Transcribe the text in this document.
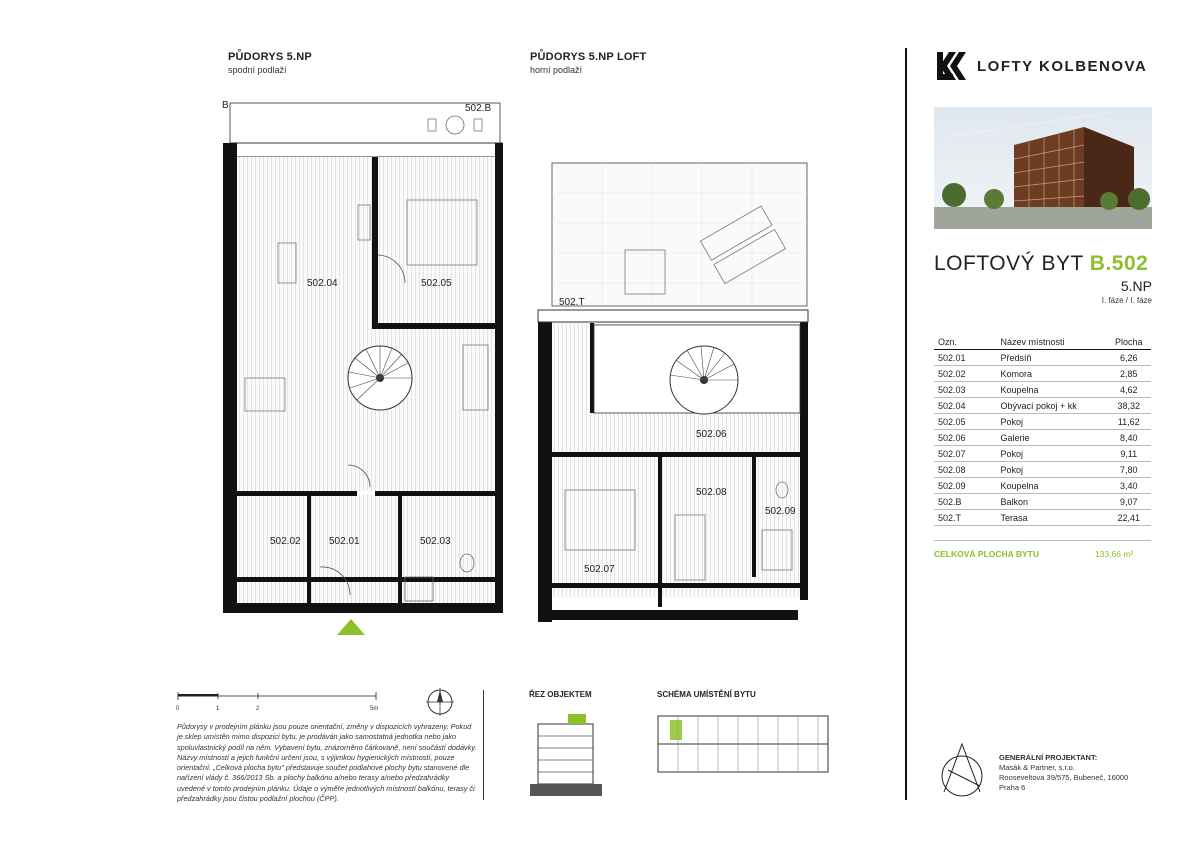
PŮDORYS 5.NP
spodní podlaží
B	502.B
502.04	502.05
502.02	502.01	502.03
PŮDORYS 5.NP LOFT
horní podlaží
502.T
502.06
502.08
502.09
502.07
0	1	2	5m
Půdorysy v prodejním plánku jsou pouze orientační, změny v dispozicích vyhrazeny. Pokud je sklep umístěn mimo dispozici bytu, je prodáván jako samostatná jednotka nebo jako spoluvlastnický podíl na něm. Vybavení bytu, znázorněno čárkovaně, není součástí dodávky. Názvy místností a jejich funkční určení jsou, s výjimkou hygienických místností, pouze orientační. „Celková plocha bytu" představuje součet podlahové plochy bytu stanovené dle nařízení vlády č. 366/2013 Sb. a plochy balkónu a/nebo terasy a/nebo předzahrádky uvedené v tomto prodejním plánku. Údaje o výměře jednotlivých místností balkónu, terasy či předzahrádky jsou čistou podlažní plochou (ČPP).
ŘEZ OBJEKTEM	SCHÉMA UMÍSTĚNÍ BYTU
LOFTY KOLBENOVA
LOFTOVÝ BYT B.502
5.NP
I. fáze / I. fáze
Ozn.	Název místnosti	Plocha
502.01	Předsíň	6,26
502.02	Komora	2,85
502.03	Koupelna	4,62
502.04	Obývací pokoj + kk	38,32
502.05	Pokoj	11,62
502.06	Galerie	8,40
502.07	Pokoj	9,11
502.08	Pokoj	7,80
502.09	Koupelna	3,40
502.B	Balkon	9,07
502.T	Terasa	22,41
CELKOVÁ PLOCHA BYTU	133,66 m²
GENERÁLNÍ PROJEKTANT:
Masák & Partner, s.r.o.
Rooseveltova 39/575, Bubeneč, 16000 Praha 6
